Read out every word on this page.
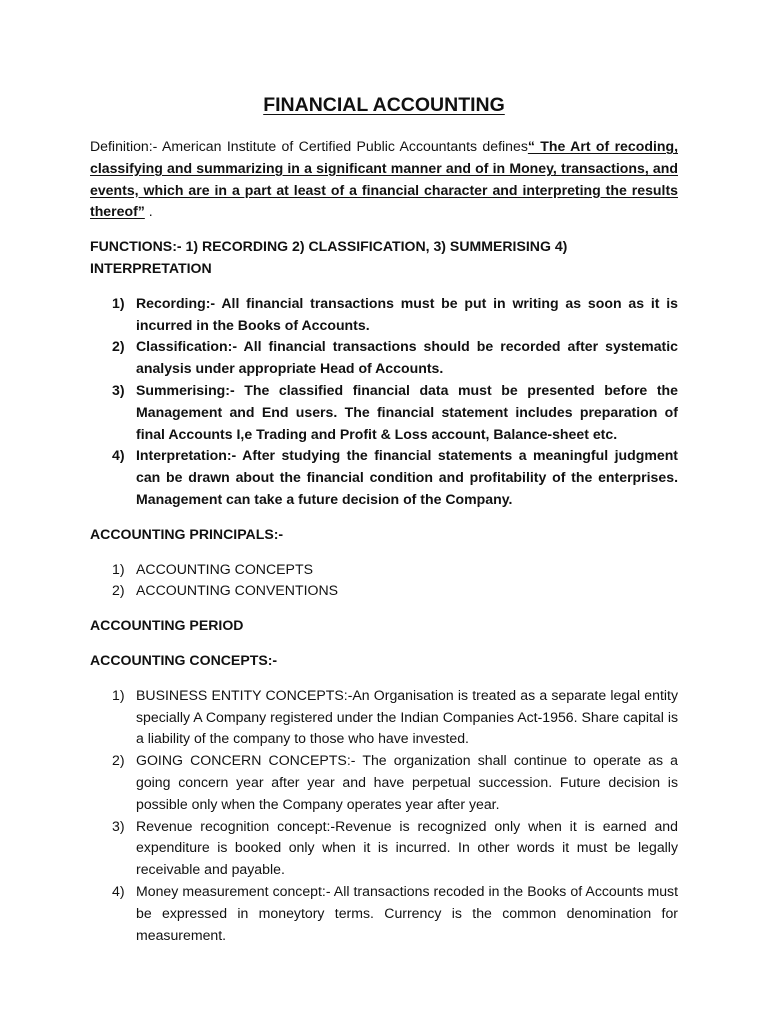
FINANCIAL ACCOUNTING

Definition:- American Institute of Certified Public Accountants defines“ The Art of recoding, classifying and summarizing in a significant manner and of in Money, transactions, and events, which are in a part at least of a financial character and interpreting the results thereof” .

FUNCTIONS:- 1) RECORDING 2) CLASSIFICATION, 3) SUMMERISING 4) INTERPRETATION
1) Recording:- All financial transactions must be put in writing as soon as it is incurred in the Books of Accounts.
2) Classification:- All financial transactions should be recorded after systematic analysis under appropriate Head of Accounts.
3) Summerising:- The classified financial data must be presented before the Management and End users. The financial statement includes preparation of final Accounts I,e Trading and Profit & Loss account, Balance-sheet etc.
4) Interpretation:- After studying the financial statements a meaningful judgment can be drawn about the financial condition and profitability of the enterprises. Management can take a future decision of the Company.
ACCOUNTING PRINCIPALS:-
1) ACCOUNTING CONCEPTS
2) ACCOUNTING CONVENTIONS
ACCOUNTING PERIOD
ACCOUNTING CONCEPTS:-
1) BUSINESS ENTITY CONCEPTS:-An Organisation is treated as a separate legal entity specially A Company registered under the Indian Companies Act-1956. Share capital is a liability of the company to those who have invested.
2) GOING CONCERN CONCEPTS:- The organization shall continue to operate as a going concern year after year and have perpetual succession. Future decision is possible only when the Company operates year after year.
3) Revenue recognition concept:-Revenue is recognized only when it is earned and expenditure is booked only when it is incurred. In other words it must be legally receivable and payable.
4) Money measurement concept:- All transactions recoded in the Books of Accounts must be expressed in moneytory terms. Currency is the common denomination for measurement.
